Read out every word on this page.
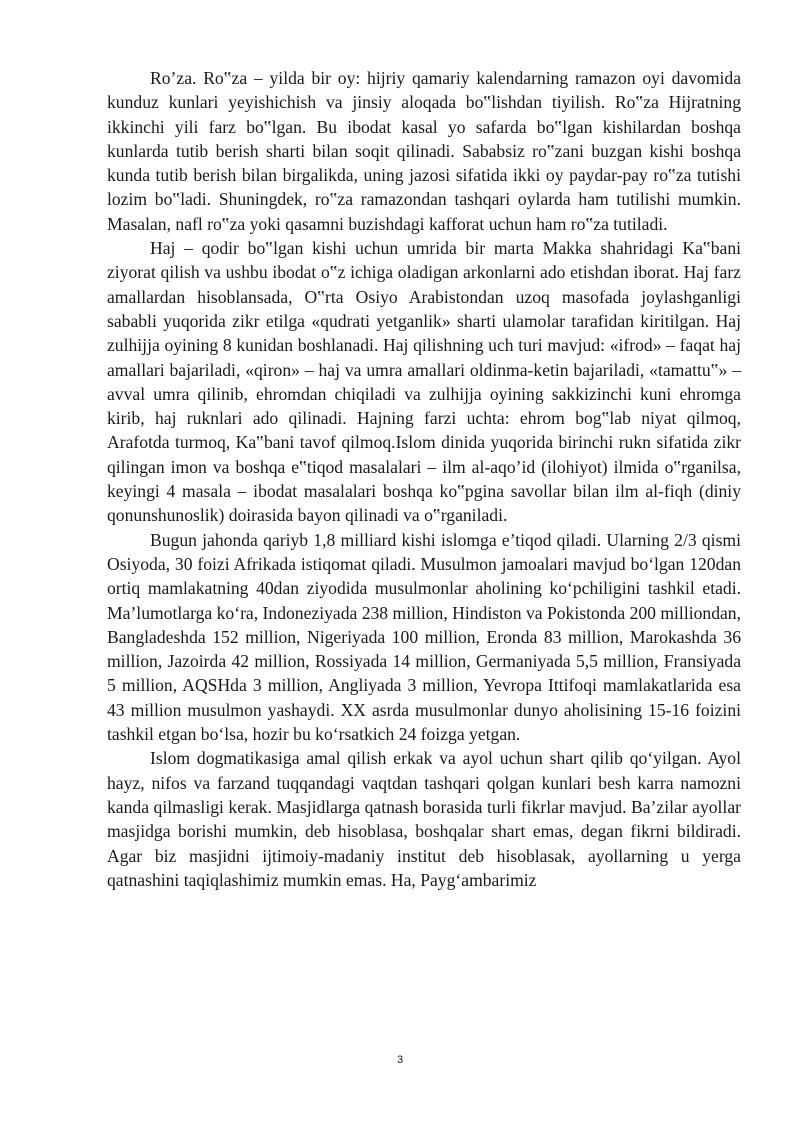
Ro’za. Ro‟za – yilda bir oy: hijriy qamariy kalendarning ramazon oyi davomida kunduz kunlari yeyishichish va jinsiy aloqada bo‟lishdan tiyilish. Ro‟za Hijratning ikkinchi yili farz bo‟lgan. Bu ibodat kasal yo safarda bo‟lgan kishilardan boshqa kunlarda tutib berish sharti bilan soqit qilinadi. Sababsiz ro‟zani buzgan kishi boshqa kunda tutib berish bilan birgalikda, uning jazosi sifatida ikki oy paydar-pay ro‟za tutishi lozim bo‟ladi. Shuningdek, ro‟za ramazondan tashqari oylarda ham tutilishi mumkin. Masalan, nafl ro‟za yoki qasamni buzishdagi kafforat uchun ham ro‟za tutiladi.

Haj – qodir bo‟lgan kishi uchun umrida bir marta Makka shahridagi Ka‟bani ziyorat qilish va ushbu ibodat o‟z ichiga oladigan arkonlarni ado etishdan iborat. Haj farz amallardan hisoblansada, O‟rta Osiyo Arabistondan uzoq masofada joylashganligi sababli yuqorida zikr etilga «qudrati yetganlik» sharti ulamolar tarafidan kiritilgan. Haj zulhijja oyining 8 kunidan boshlanadi. Haj qilishning uch turi mavjud: «ifrod» – faqat haj amallari bajariladi, «qiron» – haj va umra amallari oldinma-ketin bajariladi, «tamattu‟» – avval umra qilinib, ehromdan chiqiladi va zulhijja oyining sakkizinchi kuni ehromga kirib, haj ruknlari ado qilinadi. Hajning farzi uchta: ehrom bog‟lab niyat qilmoq, Arafotda turmoq, Ka‟bani tavof qilmoq.Islom dinida yuqorida birinchi rukn sifatida zikr qilingan imon va boshqa e‟tiqod masalalari – ilm al-aqo’id (ilohiyot) ilmida o‟rganilsa, keyingi 4 masala – ibodat masalalari boshqa ko‟pgina savollar bilan ilm al-fiqh (diniy qonunshunoslik) doirasida bayon qilinadi va o‟rganiladi.

Bugun jahonda qariyb 1,8 milliard kishi islomga e’tiqod qiladi. Ularning 2/3 qismi Osiyoda, 30 foizi Afrikada istiqomat qiladi. Musulmon jamoalari mavjud bo‘lgan 120dan ortiq mamlakatning 40dan ziyodida musulmonlar aholining ko‘pchiligini tashkil etadi. Ma’lumotlarga ko‘ra, Indoneziyada 238 million, Hindiston va Pokistonda 200 milliondan, Bangladeshda 152 million, Nigeriyada 100 million, Eronda 83 million, Marokashda 36 million, Jazoirda 42 million, Rossiyada 14 million, Germaniyada 5,5 million, Fransiyada 5 million, AQSHda 3 million, Angliyada 3 million, Yevropa Ittifoqi mamlakatlarida esa 43 million musulmon yashaydi. XX asrda musulmonlar dunyo aholisining 15-16 foizini tashkil etgan bo‘lsa, hozir bu ko‘rsatkich 24 foizga yetgan.

Islom dogmatikasiga amal qilish erkak va ayol uchun shart qilib qo‘yilgan. Ayol hayz, nifos va farzand tuqqandagi vaqtdan tashqari qolgan kunlari besh karra namozni kanda qilmasligi kerak. Masjidlarga qatnash borasida turli fikrlar mavjud. Ba’zilar ayollar masjidga borishi mumkin, deb hisoblasa, boshqalar shart emas, degan fikrni bildiradi. Agar biz masjidni ijtimoiy-madaniy institut deb hisoblasak, ayollarning u yerga qatnashini taqiqlashimiz mumkin emas. Ha, Payg‘ambarimiz

3
